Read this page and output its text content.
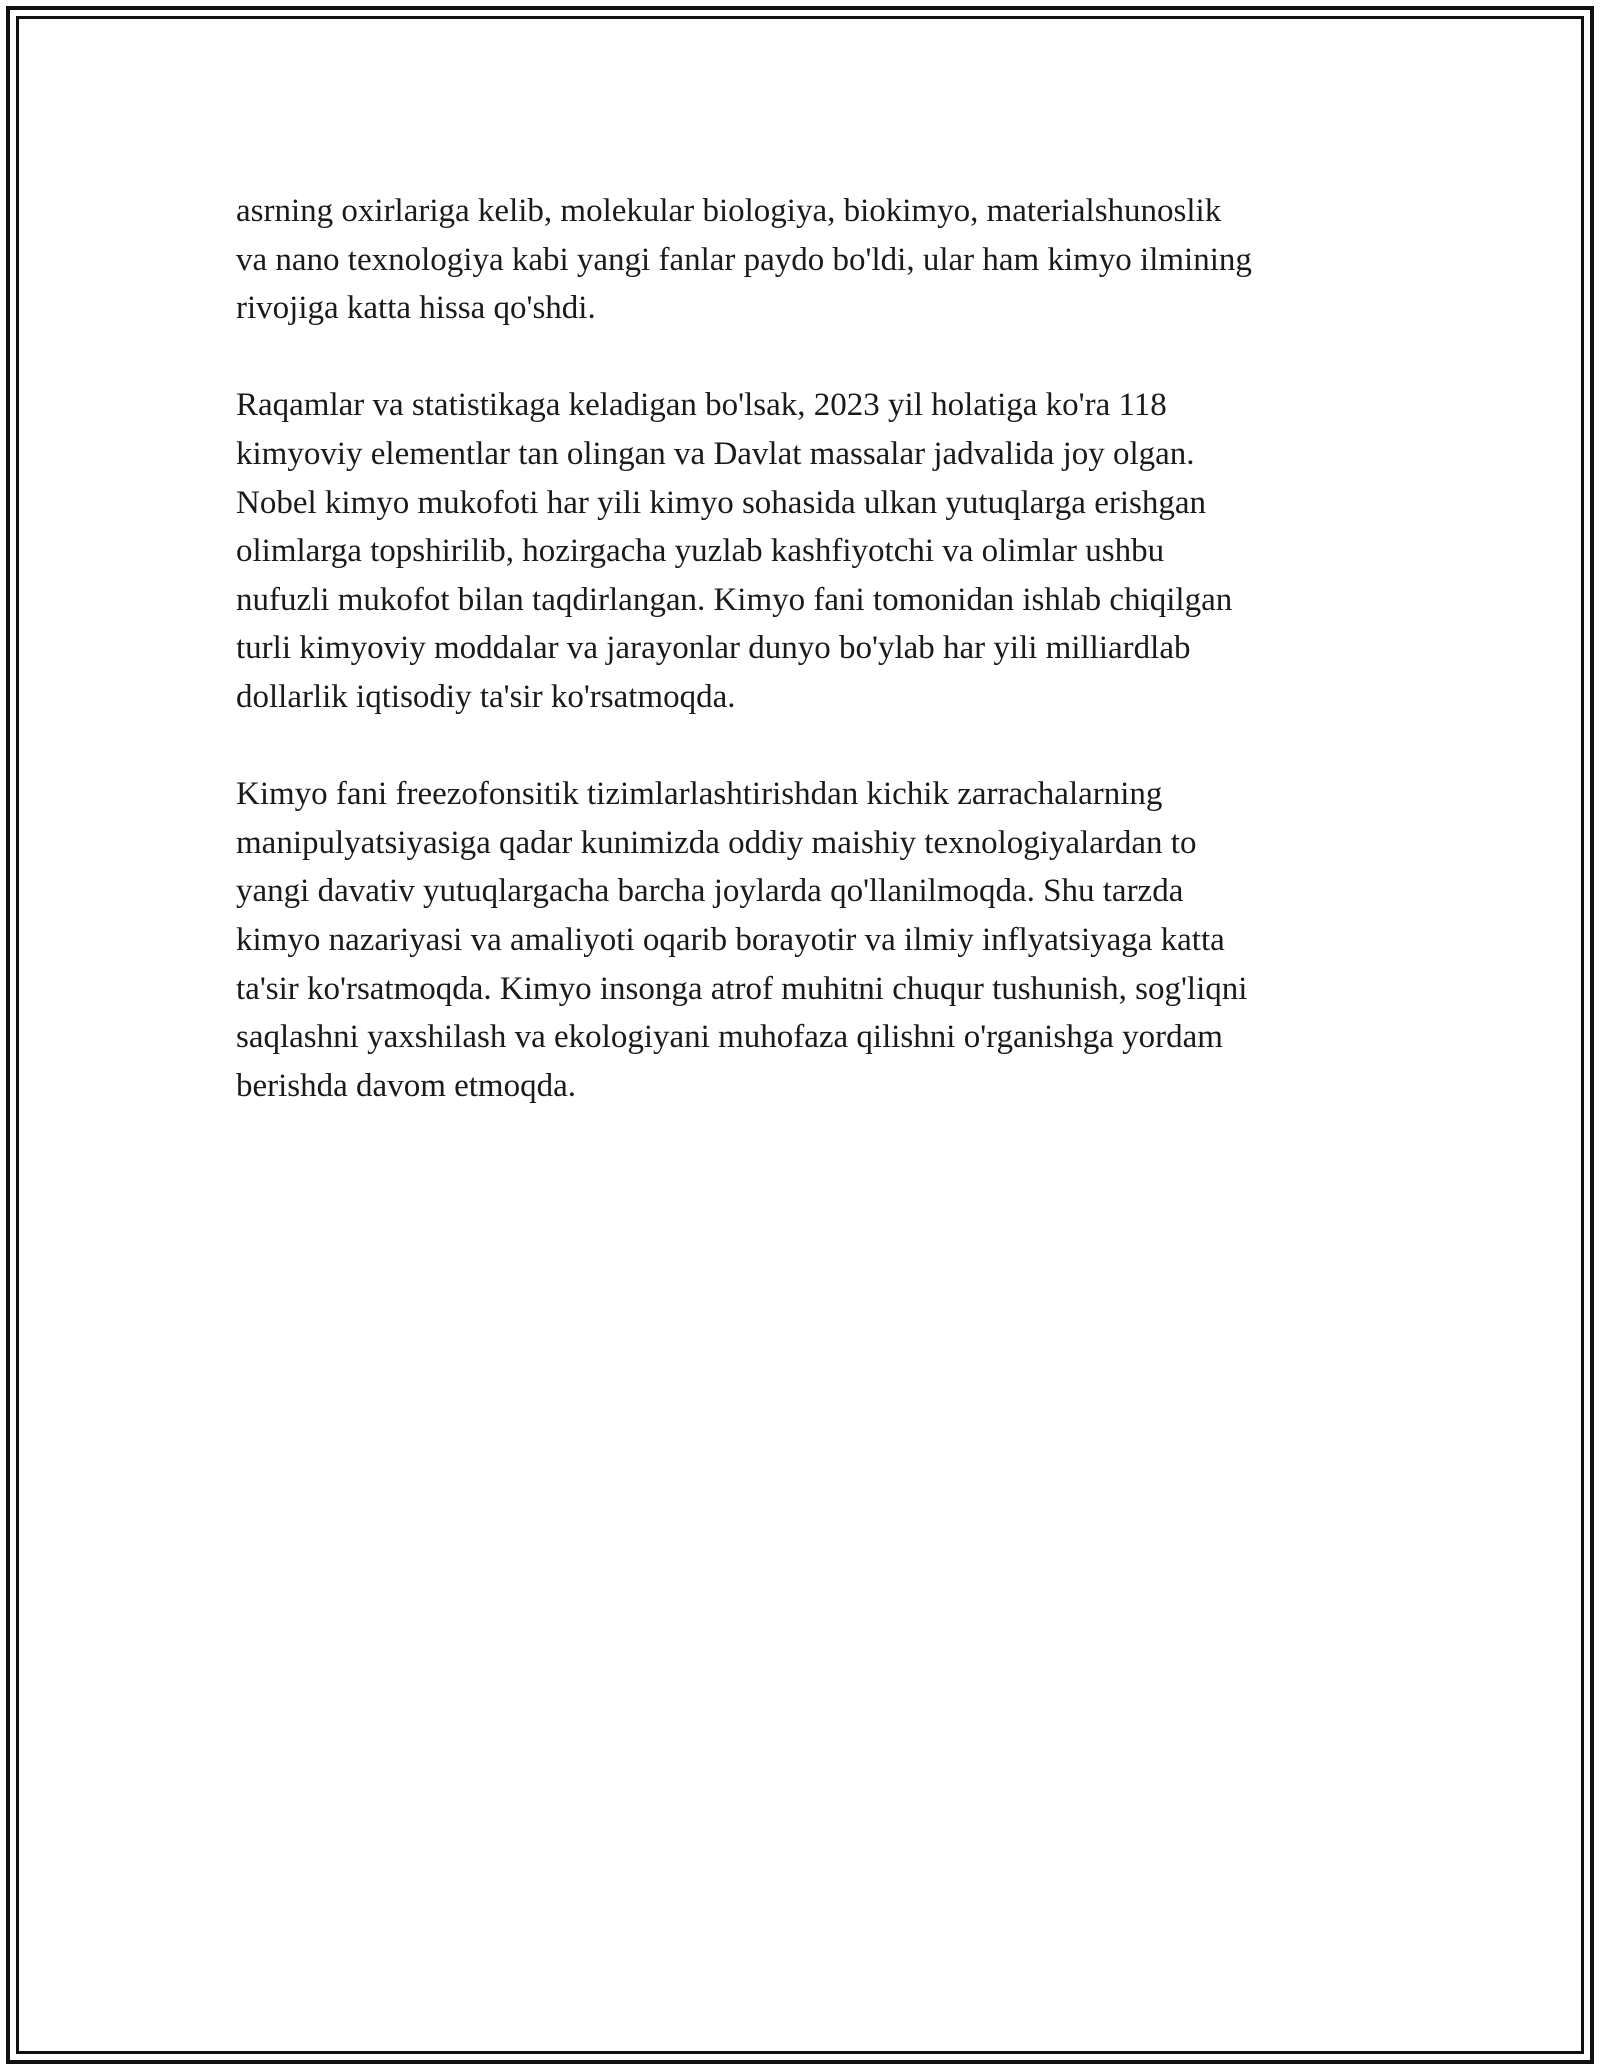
asrning oxirlariga kelib, molekular biologiya, biokimyo, materialshunoslik
va nano texnologiya kabi yangi fanlar paydo bo'ldi, ular ham kimyo ilmining
rivojiga katta hissa qo'shdi.
Raqamlar va statistikaga keladigan bo'lsak, 2023 yil holatiga ko'ra 118
kimyoviy elementlar tan olingan va Davlat massalar jadvalida joy olgan.
Nobel kimyo mukofoti har yili kimyo sohasida ulkan yutuqlarga erishgan
olimlarga topshirilib, hozirgacha yuzlab kashfiyotchi va olimlar ushbu
nufuzli mukofot bilan taqdirlangan. Kimyo fani tomonidan ishlab chiqilgan
turli kimyoviy moddalar va jarayonlar dunyo bo'ylab har yili milliardlab
dollarlik iqtisodiy ta'sir ko'rsatmoqda.
Kimyo fani freezofonsitik tizimlarlashtirishdan kichik zarrachalarning
manipulyatsiyasiga qadar kunimizda oddiy maishiy texnologiyalardan to
yangi davativ yutuqlargacha barcha joylarda qo'llanilmoqda. Shu tarzda
kimyo nazariyasi va amaliyoti oqarib borayotir va ilmiy inflyatsiyaga katta
ta'sir ko'rsatmoqda. Kimyo insonga atrof muhitni chuqur tushunish, sog'liqni
saqlashni yaxshilash va ekologiyani muhofaza qilishni o'rganishga yordam
berishda davom etmoqda.
